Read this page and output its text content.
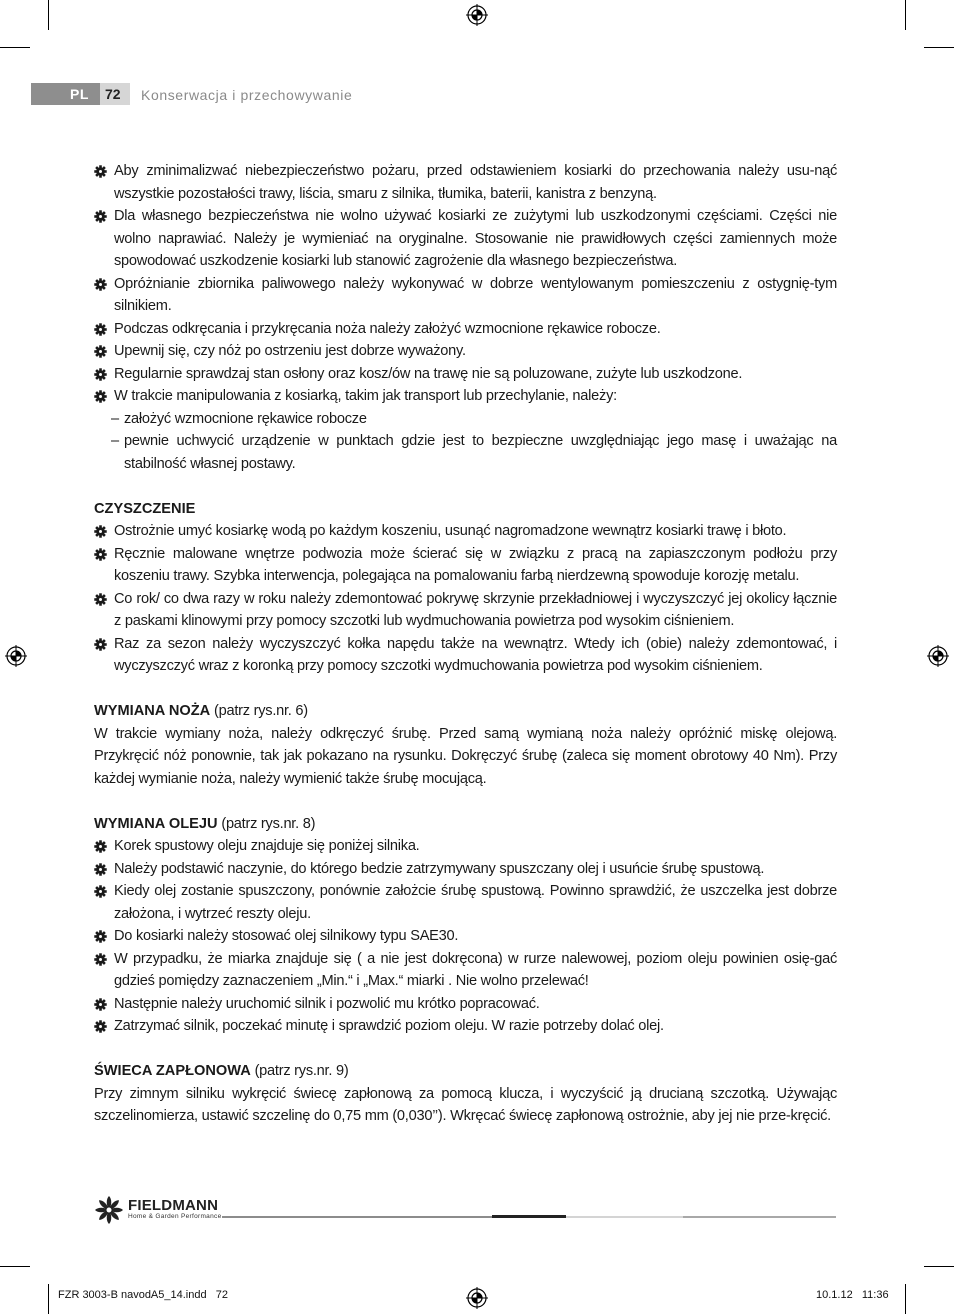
PL 72 Konserwacja i przechowywanie
Aby zminimalizwać niebezpieczeństwo pożaru, przed odstawieniem kosiarki do przechowania należy usu-nąć wszystkie pozostałości trawy, liścia, smaru z silnika, tłumika, baterii, kanistra z benzyną.
Dla własnego bezpieczeństwa nie wolno używać kosiarki ze zużytymi lub uszkodzonymi częściami. Części nie wolno naprawiać. Należy je wymieniać na oryginalne. Stosowanie nie prawidłowych części zamiennych może spowodować uszkodzenie kosiarki lub stanowić zagrożenie dla własnego bezpieczeństwa.
Opróżnianie zbiornika paliwowego należy wykonywać w dobrze wentylowanym pomieszczeniu z ostygnię-tym silnikiem.
Podczas odkręcania i przykręcania noża należy założyć wzmocnione rękawice robocze.
Upewnij się, czy nóż po ostrzeniu jest dobrze wyważony.
Regularnie sprawdzaj stan osłony oraz kosz/ów na trawę nie są poluzowane, zużyte lub uszkodzone.
W trakcie manipulowania z kosiarką, takim jak transport lub przechylanie, należy:
– założyć wzmocnione rękawice robocze
– pewnie uchwycić urządzenie w punktach gdzie jest to bezpieczne uwzględniając jego masę i uważając na stabilność własnej postawy.
CZYSZCZENIE
Ostrożnie umyć kosiarkę wodą po każdym koszeniu, usunąć nagromadzone wewnątrz kosiarki trawę i błoto.
Ręcznie malowane wnętrze podwozia może ścierać się w związku z pracą na zapiaszczonym podłożu przy koszeniu trawy. Szybka interwencja, polegająca na pomalowaniu farbą nierdzewną spowoduje korozję metalu.
Co rok/ co dwa razy w roku należy zdemontować pokrywę skrzynie przekładniowej i wyczyszczyć jej okolicy łącznie z paskami klinowymi przy pomocy szczotki lub wydmuchowania powietrza pod wysokim ciśnieniem.
Raz za sezon należy wyczyszczyć kołka napędu także na wewnątrz. Wtedy ich (obie) należy zdemontować, i wyczyszczyć wraz z koronką przy pomocy szczotki wydmuchowania powietrza pod wysokim ciśnieniem.
WYMIANA NOŻA (patrz rys.nr. 6)
W trakcie wymiany noża, należy odkręczyć śrubę. Przed samą wymianą noża należy opróżnić miskę olejową. Przykręcić nóż ponownie, tak jak pokazano na rysunku. Dokręczyć śrubę (zaleca się moment obrotowy 40 Nm). Przy każdej wymianie noża, należy wymienić także śrubę mocującą.
WYMIANA OLEJU (patrz rys.nr. 8)
Korek spustowy oleju znajduje się poniżej silnika.
Należy podstawić naczynie, do którego bedzie zatrzymywany spuszczany olej i usuńcie śrubę spustową.
Kiedy olej zostanie spuszczony, ponównie założcie śrubę spustową. Powinno sprawdżić, że uszczelka jest dobrze założona, i wytrzeć reszty oleju.
Do kosiarki należy stosować olej silnikowy typu SAE30.
W przypadku, że miarka znajduje się ( a nie jest dokręcona) w rurze nalewowej, poziom oleju powinien osię-gać gdzieś pomiędzy zaznaczeniem „Min.“ i „Max.“ miarki . Nie wolno przelewać!
Następnie należy uruchomić silnik i pozwolić mu krótko popracować.
Zatrzymać silnik, poczekać minutę i sprawdzić poziom oleju. W razie potrzeby dolać olej.
ŚWIECA ZAPŁONOWA (patrz rys.nr. 9)
Przy zimnym silniku wykręcić świecę zapłonową za pomocą klucza, i wyczyścić ją drucianą szczotką. Używając szczelinomierza, ustawić szczelinę do 0,75 mm (0,030’’). Wkręcać świecę zapłonową ostrożnie, aby jej nie prze-kręcić.
FIELDMANN
Home & Garden Performance
FZR 3003-B navodA5_14.indd   72	10.1.12   11:36
